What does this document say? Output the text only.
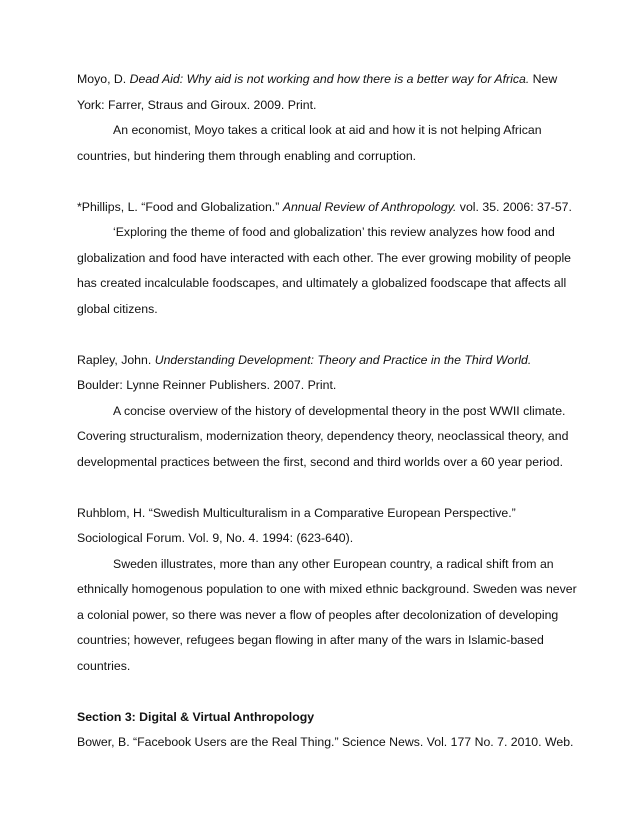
Moyo, D. Dead Aid: Why aid is not working and how there is a better way for Africa. New York: Farrer, Straus and Giroux. 2009. Print.

An economist, Moyo takes a critical look at aid and how it is not helping African countries, but hindering them through enabling and corruption.

*Phillips, L. “Food and Globalization.” Annual Review of Anthropology. vol. 35. 2006: 37-57.

‘Exploring the theme of food and globalization’ this review analyzes how food and globalization and food have interacted with each other. The ever growing mobility of people has created incalculable foodscapes, and ultimately a globalized foodscape that affects all global citizens.

Rapley, John. Understanding Development: Theory and Practice in the Third World. Boulder: Lynne Reinner Publishers. 2007. Print.

A concise overview of the history of developmental theory in the post WWII climate. Covering structuralism, modernization theory, dependency theory, neoclassical theory, and developmental practices between the first, second and third worlds over a 60 year period.

Ruhblom, H. “Swedish Multiculturalism in a Comparative European Perspective.” Sociological Forum. Vol. 9, No. 4. 1994: (623-640).

Sweden illustrates, more than any other European country, a radical shift from an ethnically homogenous population to one with mixed ethnic background. Sweden was never a colonial power, so there was never a flow of peoples after decolonization of developing countries; however, refugees began flowing in after many of the wars in Islamic-based countries.

Section 3: Digital & Virtual Anthropology

Bower, B. “Facebook Users are the Real Thing.” Science News. Vol. 177 No. 7. 2010. Web.
